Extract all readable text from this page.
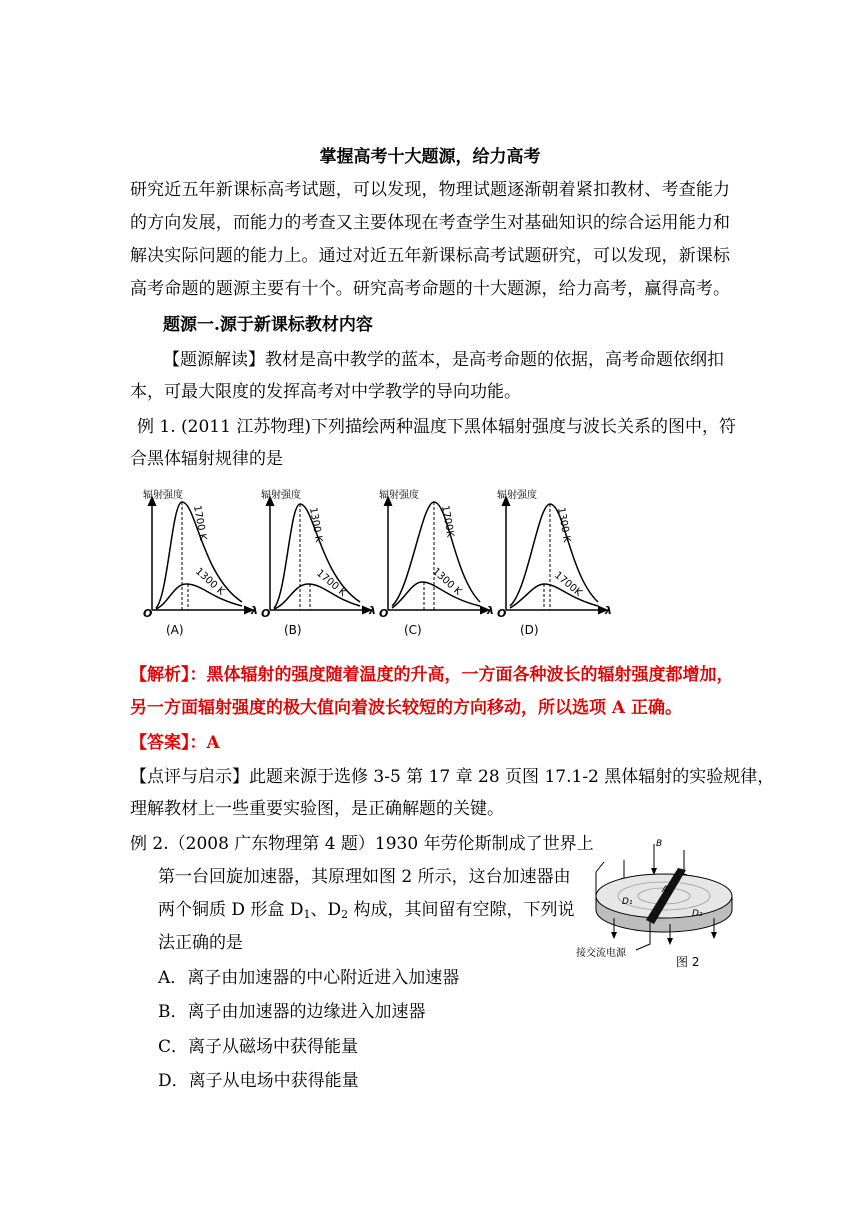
掌握高考十大题源，给力高考
研究近五年新课标高考试题，可以发现，物理试题逐渐朝着紧扣教材、考查能力
的方向发展，而能力的考查又主要体现在考查学生对基础知识的综合运用能力和
解决实际问题的能力上。通过对近五年新课标高考试题研究，可以发现，新课标
高考命题的题源主要有十个。研究高考命题的十大题源，给力高考，赢得高考。
题源一.源于新课标教材内容
【题源解读】教材是高中教学的蓝本，是高考命题的依据，高考命题依纲扣
本，可最大限度的发挥高考对中学教学的导向功能。
例 1. (2011 江苏物理)下列描绘两种温度下黑体辐射强度与波长关系的图中，符
合黑体辐射规律的是
辐射强度
O	λ
1700 K
1300 K
(A)
辐射强度
O	λ
1300 K
1700 K
(B)
辐射强度
O	λ
1700K
1300 K
(C)
辐射强度
O	λ
1300 K
1700K
(D)
【解析】：黑体辐射的强度随着温度的升高，一方面各种波长的辐射强度都增加，
另一方面辐射强度的极大值向着波长较短的方向移动，所以选项 A 正确。
【答案】：A
【点评与启示】此题来源于选修 3-5 第 17 章 28 页图 17.1-2 黑体辐射的实验规律，
理解教材上一些重要实验图，是正确解题的关键。
例 2.（2008 广东物理第 4 题）1930 年劳伦斯制成了世界上
第一台回旋加速器，其原理如图 2 所示，这台加速器由
两个铜质 D 形盒 $D_1$、$D_2$ 构成，其间留有空隙，下列说
法正确的是
A．离子由加速器的中心附近进入加速器
B．离子由加速器的边缘进入加速器
C．离子从磁场中获得能量
D．离子从电场中获得能量
B
A
D₁
D₂
接交流电源
图 2
